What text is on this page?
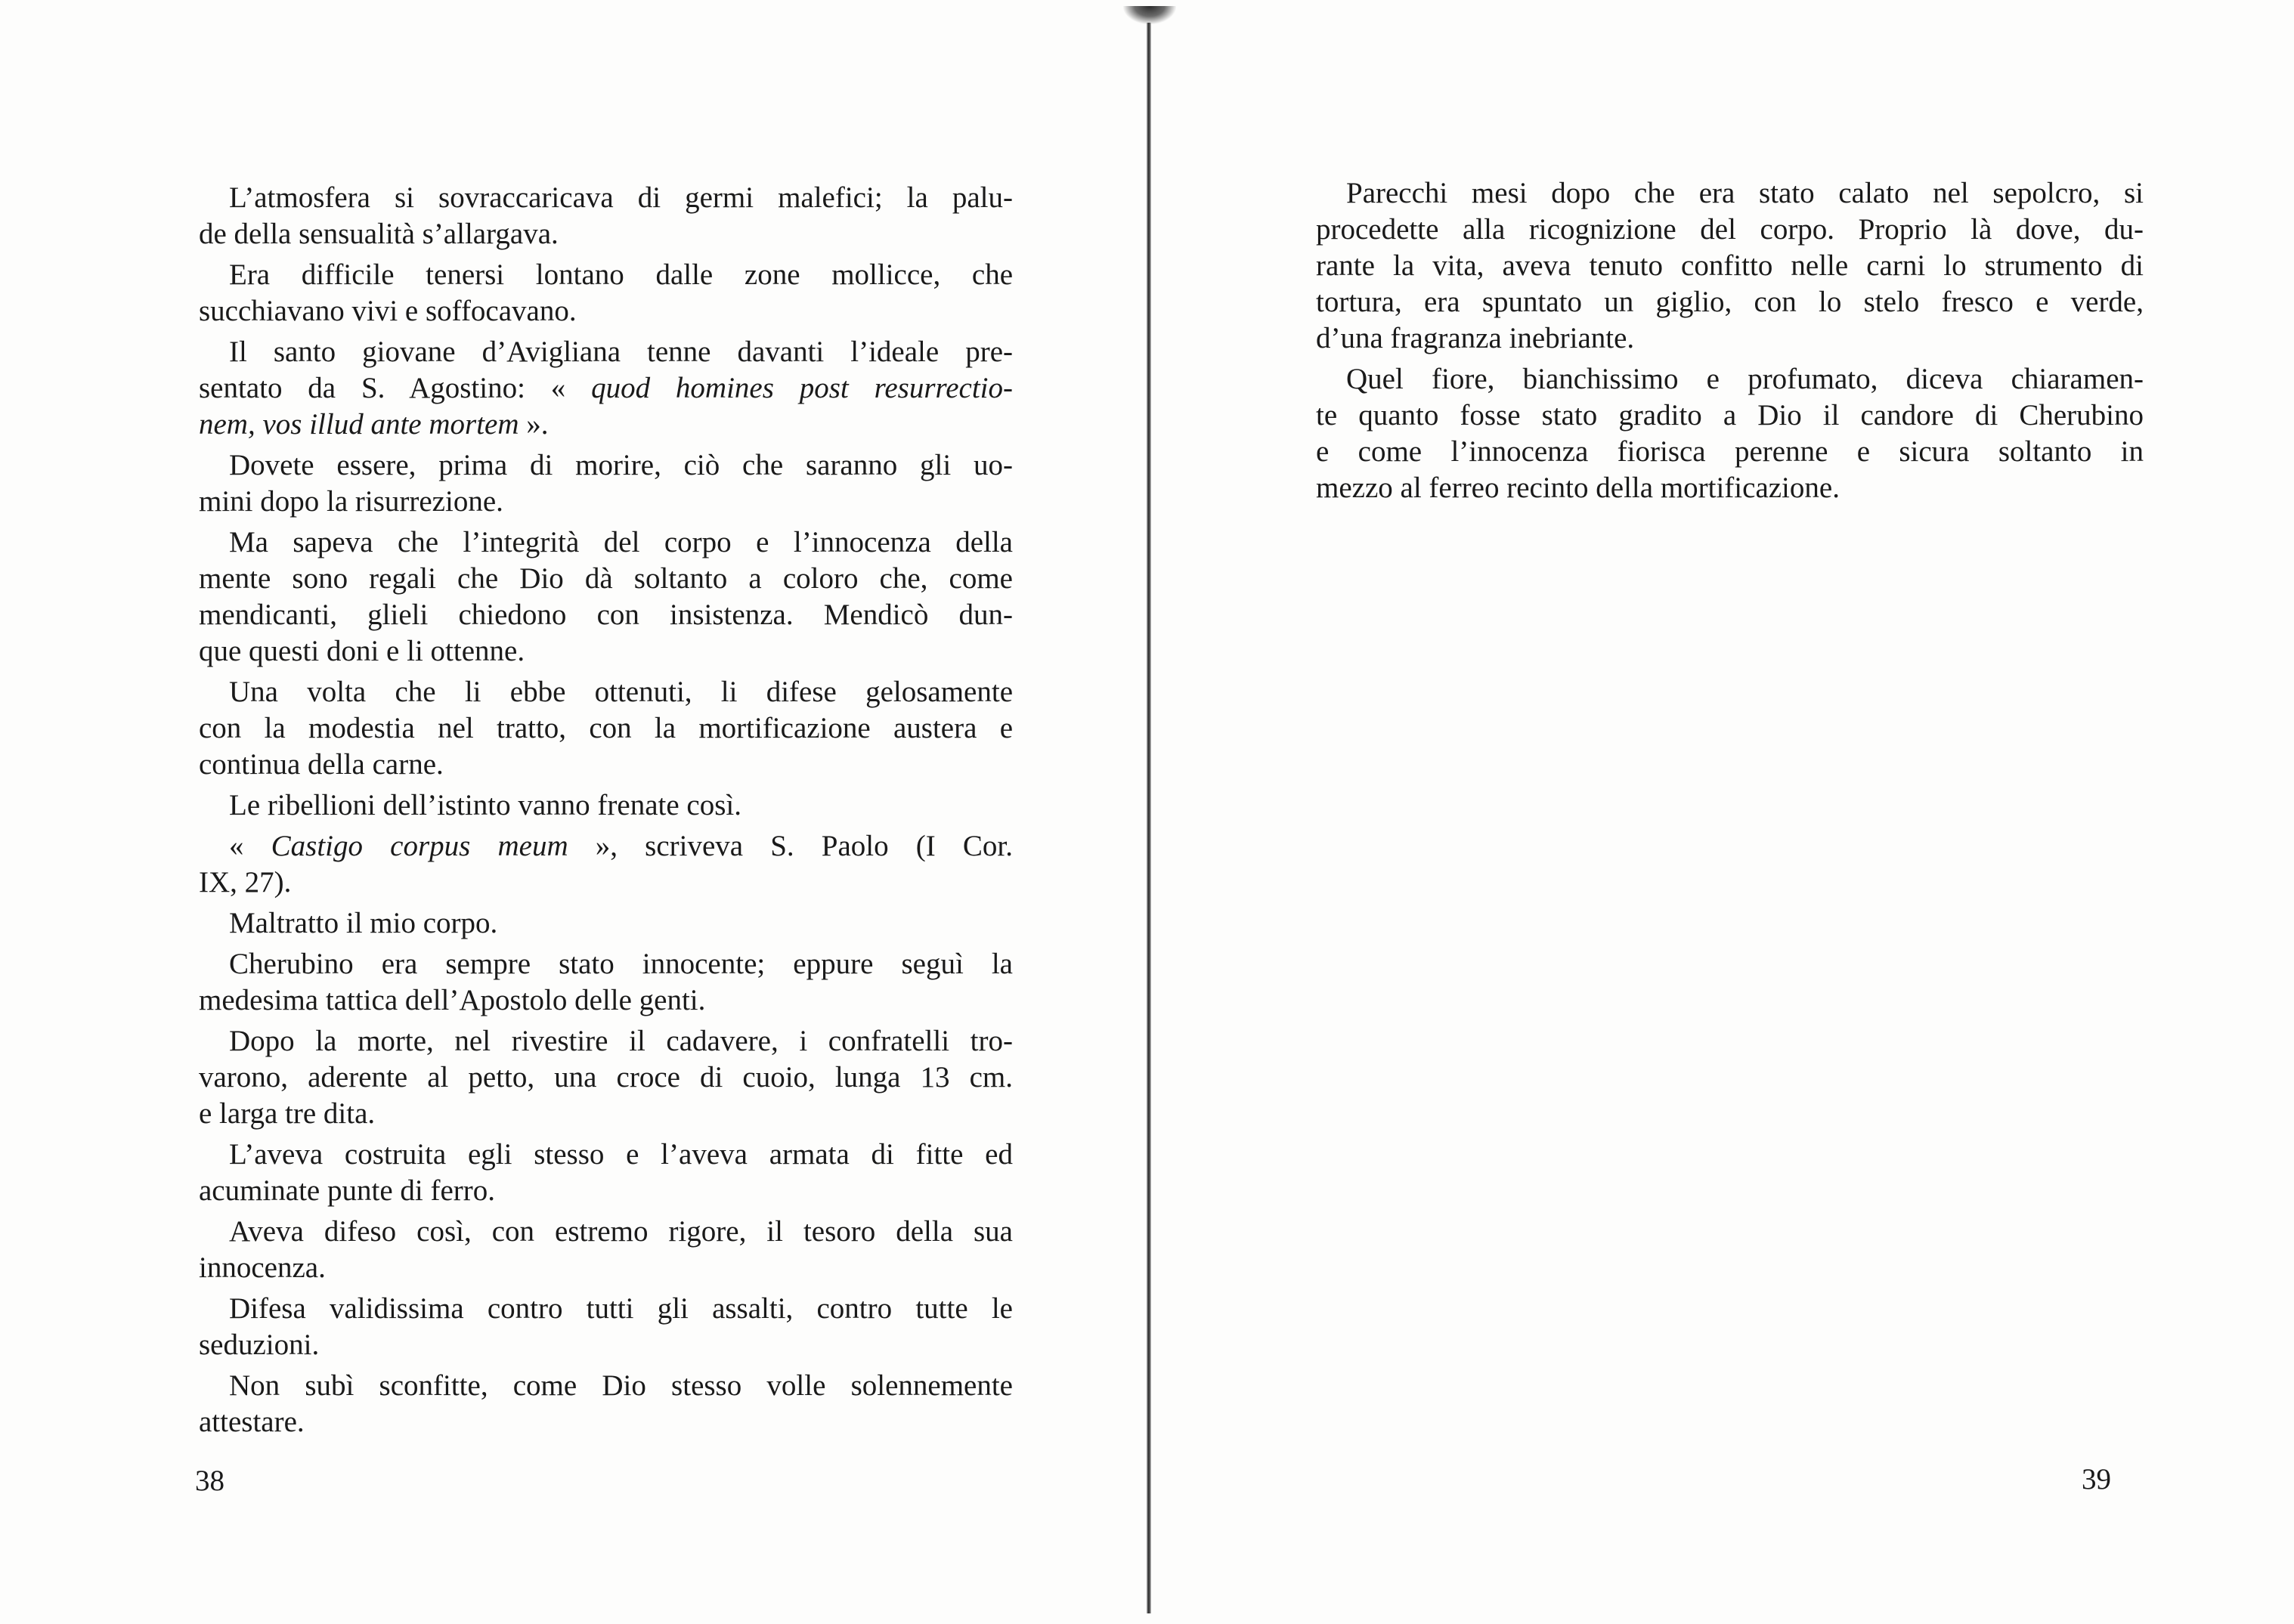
L’atmosfera si sovraccaricava di germi malefici; la palu-
de della sensualità s’allargava.

Era difficile tenersi lontano dalle zone mollicce, che
succhiavano vivi e soffocavano.

Il santo giovane d’Avigliana tenne davanti l’ideale pre-
sentato da S. Agostino: « quod homines post resurrectio-
nem, vos illud ante mortem ».

Dovete essere, prima di morire, ciò che saranno gli uo-
mini dopo la risurrezione.

Ma sapeva che l’integrità del corpo e l’innocenza della
mente sono regali che Dio dà soltanto a coloro che, come
mendicanti, glieli chiedono con insistenza. Mendicò dun-
que questi doni e li ottenne.

Una volta che li ebbe ottenuti, li difese gelosamente
con la modestia nel tratto, con la mortificazione austera e
continua della carne.

Le ribellioni dell’istinto vanno frenate così.

« Castigo corpus meum », scriveva S. Paolo (I Cor.
IX, 27).

Maltratto il mio corpo.

Cherubino era sempre stato innocente; eppure seguì la
medesima tattica dell’Apostolo delle genti.

Dopo la morte, nel rivestire il cadavere, i confratelli tro-
varono, aderente al petto, una croce di cuoio, lunga 13 cm.
e larga tre dita.

L’aveva costruita egli stesso e l’aveva armata di fitte ed
acuminate punte di ferro.

Aveva difeso così, con estremo rigore, il tesoro della sua
innocenza.

Difesa validissima contro tutti gli assalti, contro tutte le
seduzioni.

Non subì sconfitte, come Dio stesso volle solennemente
attestare.

38

Parecchi mesi dopo che era stato calato nel sepolcro, si
procedette alla ricognizione del corpo. Proprio là dove, du-
rante la vita, aveva tenuto confitto nelle carni lo strumento di
tortura, era spuntato un giglio, con lo stelo fresco e verde,
d’una fragranza inebriante.

Quel fiore, bianchissimo e profumato, diceva chiaramen-
te quanto fosse stato gradito a Dio il candore di Cherubino
e come l’innocenza fiorisca perenne e sicura soltanto in
mezzo al ferreo recinto della mortificazione.

39
